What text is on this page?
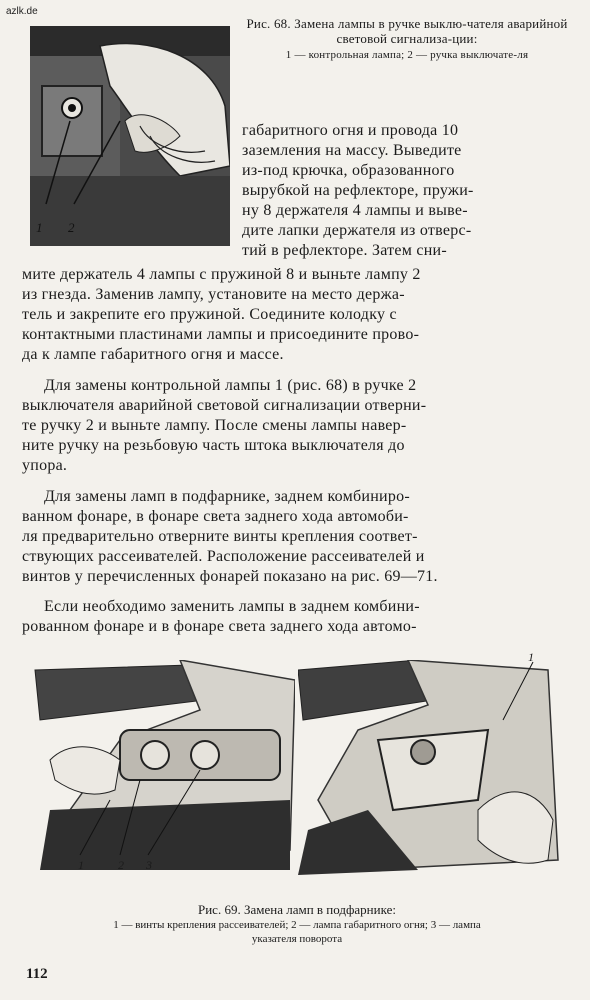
azlk.de
1 2
Рис. 68. Замена лампы в ручке выклю-чателя аварийной световой сигнализа-ции:
1 — контрольная лампа; 2 — ручка выключате-ля
габаритного огня и провода 10
заземления на массу. Выведите
из-под крючка, образованного
вырубкой на рефлекторе, пружи-
ну 8 держателя 4 лампы и выве-
дите лапки держателя из отверс-
тий в рефлекторе. Затем сни-
мите держатель 4 лампы с пружиной 8 и выньте лампу 2
из гнезда. Заменив лампу, установите на место держа-
тель и закрепите его пружиной. Соедините колодку с
контактными пластинами лампы и присоедините прово-
да к лампе габаритного огня и массе.
Для замены контрольной лампы 1 (рис. 68) в ручке 2
выключателя аварийной световой сигнализации отверни-
те ручку 2 и выньте лампу. После смены лампы навер-
ните ручку на резьбовую часть штока выключателя до
упора.
Для замены ламп в подфарнике, заднем комбиниро-
ванном фонаре, в фонаре света заднего хода автомоби-
ля предварительно отверните винты крепления соответ-
ствующих рассеивателей. Расположение рассеивателей и
винтов у перечисленных фонарей показано на рис. 69—71.
Если необходимо заменить лампы в заднем комбини-
рованном фонаре и в фонаре света заднего хода автомо-
1	2 3
1
Рис. 69. Замена ламп в подфарнике:
1 — винты крепления рассеивателей; 2 — лампа габаритного огня; 3 — лампа
указателя поворота
112
